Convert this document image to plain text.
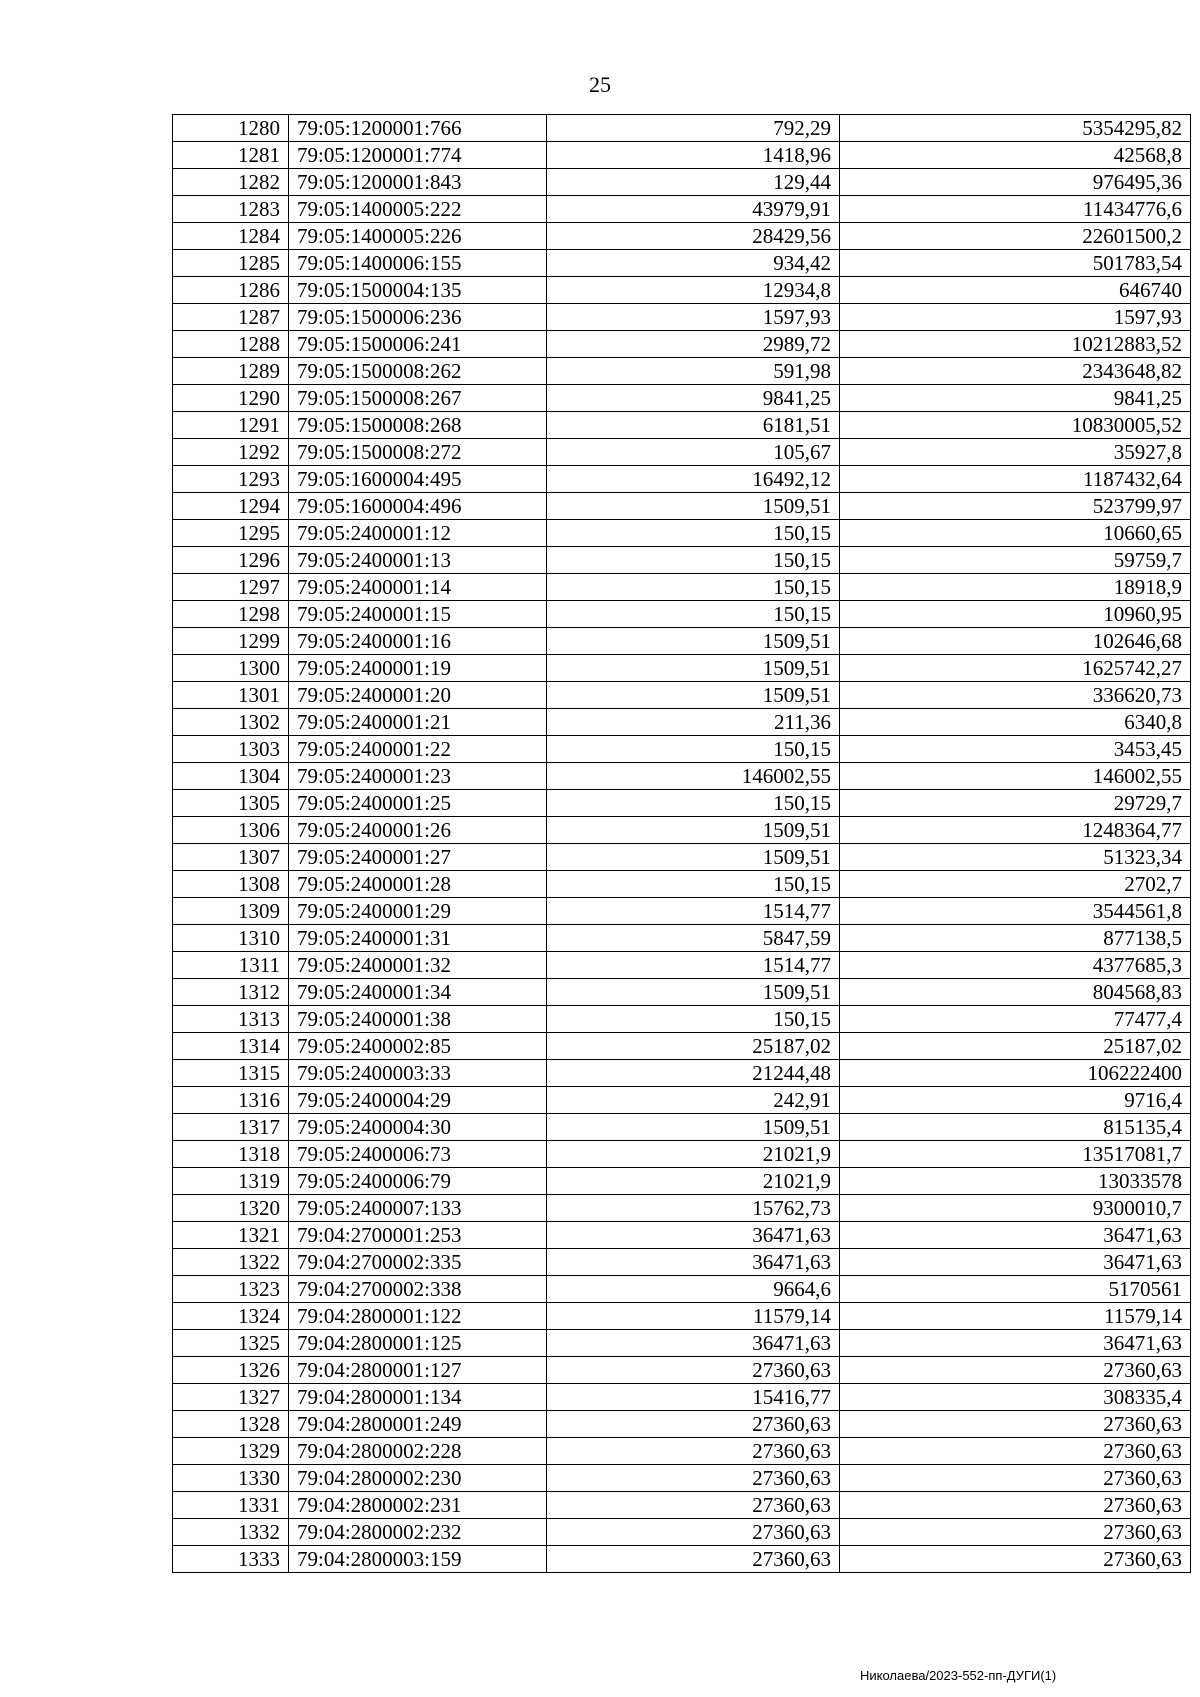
25
1280	79:05:1200001:766	792,29	5354295,82
1281	79:05:1200001:774	1418,96	42568,8
1282	79:05:1200001:843	129,44	976495,36
1283	79:05:1400005:222	43979,91	11434776,6
1284	79:05:1400005:226	28429,56	22601500,2
1285	79:05:1400006:155	934,42	501783,54
1286	79:05:1500004:135	12934,8	646740
1287	79:05:1500006:236	1597,93	1597,93
1288	79:05:1500006:241	2989,72	10212883,52
1289	79:05:1500008:262	591,98	2343648,82
1290	79:05:1500008:267	9841,25	9841,25
1291	79:05:1500008:268	6181,51	10830005,52
1292	79:05:1500008:272	105,67	35927,8
1293	79:05:1600004:495	16492,12	1187432,64
1294	79:05:1600004:496	1509,51	523799,97
1295	79:05:2400001:12	150,15	10660,65
1296	79:05:2400001:13	150,15	59759,7
1297	79:05:2400001:14	150,15	18918,9
1298	79:05:2400001:15	150,15	10960,95
1299	79:05:2400001:16	1509,51	102646,68
1300	79:05:2400001:19	1509,51	1625742,27
1301	79:05:2400001:20	1509,51	336620,73
1302	79:05:2400001:21	211,36	6340,8
1303	79:05:2400001:22	150,15	3453,45
1304	79:05:2400001:23	146002,55	146002,55
1305	79:05:2400001:25	150,15	29729,7
1306	79:05:2400001:26	1509,51	1248364,77
1307	79:05:2400001:27	1509,51	51323,34
1308	79:05:2400001:28	150,15	2702,7
1309	79:05:2400001:29	1514,77	3544561,8
1310	79:05:2400001:31	5847,59	877138,5
1311	79:05:2400001:32	1514,77	4377685,3
1312	79:05:2400001:34	1509,51	804568,83
1313	79:05:2400001:38	150,15	77477,4
1314	79:05:2400002:85	25187,02	25187,02
1315	79:05:2400003:33	21244,48	106222400
1316	79:05:2400004:29	242,91	9716,4
1317	79:05:2400004:30	1509,51	815135,4
1318	79:05:2400006:73	21021,9	13517081,7
1319	79:05:2400006:79	21021,9	13033578
1320	79:05:2400007:133	15762,73	9300010,7
1321	79:04:2700001:253	36471,63	36471,63
1322	79:04:2700002:335	36471,63	36471,63
1323	79:04:2700002:338	9664,6	5170561
1324	79:04:2800001:122	11579,14	11579,14
1325	79:04:2800001:125	36471,63	36471,63
1326	79:04:2800001:127	27360,63	27360,63
1327	79:04:2800001:134	15416,77	308335,4
1328	79:04:2800001:249	27360,63	27360,63
1329	79:04:2800002:228	27360,63	27360,63
1330	79:04:2800002:230	27360,63	27360,63
1331	79:04:2800002:231	27360,63	27360,63
1332	79:04:2800002:232	27360,63	27360,63
1333	79:04:2800003:159	27360,63	27360,63
Николаева/2023-552-пп-ДУГИ(1)
